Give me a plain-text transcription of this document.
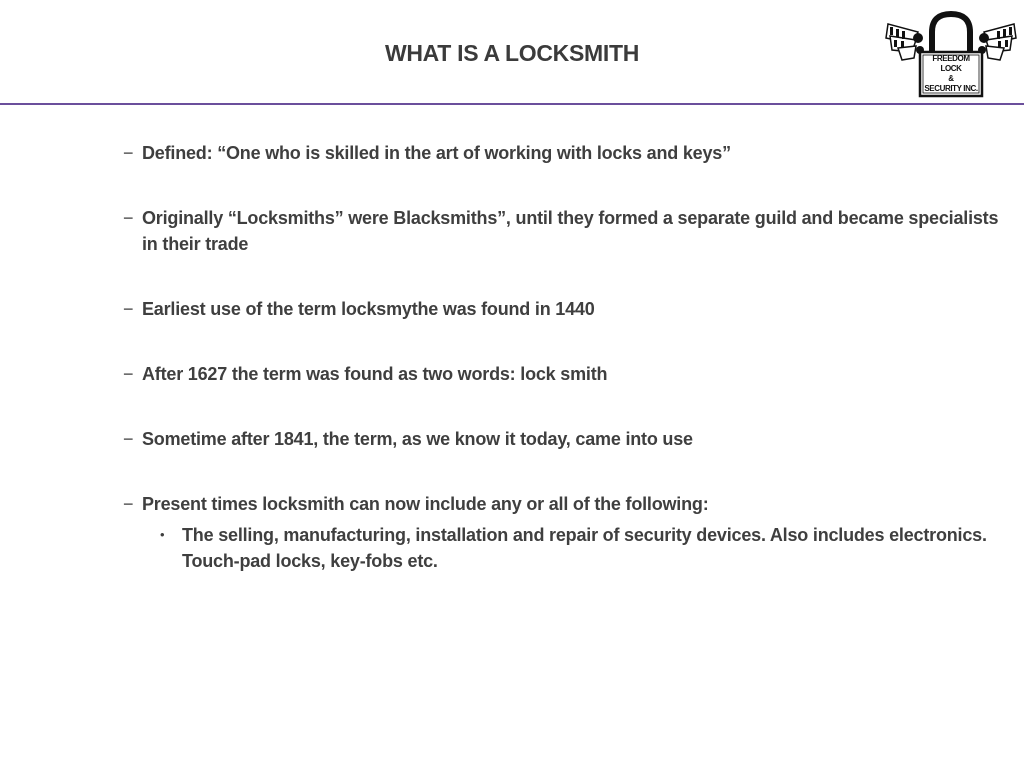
WHAT IS A LOCKSMITH	FREEDOM LOCK
&
SECURITY INC.
− Defined: “One who is skilled in the art of working with locks and keys”
− Originally “Locksmiths” were Blacksmiths”, until they formed a separate guild and became specialists in their trade
− Earliest use of the term locksmythe was found in 1440
− After 1627 the term was found as two words: lock smith
− Sometime after 1841, the term, as we know it today, came into use
− Present times locksmith can now include any or all of the following:
• The selling, manufacturing, installation and repair of security devices. Also includes electronics. Touch-pad locks, key-fobs etc.
